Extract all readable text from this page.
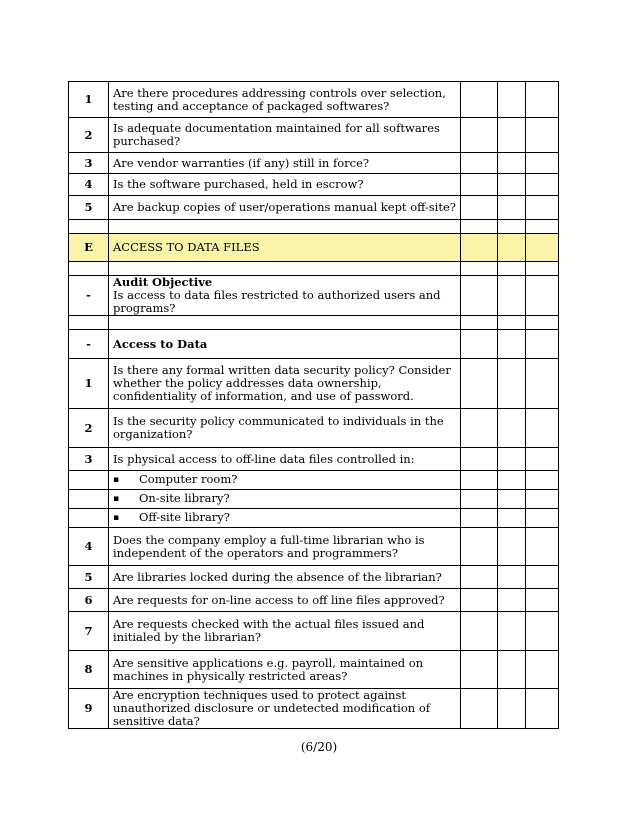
1	Are there procedures addressing controls over selection, testing and acceptance of packaged softwares?			
2	Is adequate documentation maintained for all softwares purchased?			
3	Are vendor warranties (if any) still in force?			
4	Is the software purchased, held in escrow?			
5	Are backup copies of user/operations manual kept off-site?			

E	ACCESS TO DATA FILES			

-	Audit Objective
Is access to data files restricted to authorized users and programs?			

-	Access to Data			
1	Is there any formal written data security policy? Consider whether the policy addresses data ownership, confidentiality of information, and use of password.			
2	Is the security policy communicated to individuals in the organization?			
3	Is physical access to off-line data files controlled in:			
	▪ Computer room?			
	▪ On-site library?			
	▪ Off-site library?			
4	Does the company employ a full-time librarian who is independent of the operators and programmers?			
5	Are libraries locked during the absence of the librarian?			
6	Are requests for on-line access to off line files approved?			
7	Are requests checked with the actual files issued and initialed by the librarian?			
8	Are sensitive applications e.g. payroll, maintained on machines in physically restricted areas?			
9	Are encryption techniques used to protect against unauthorized disclosure or undetected modification of sensitive data?			
(6/20)
